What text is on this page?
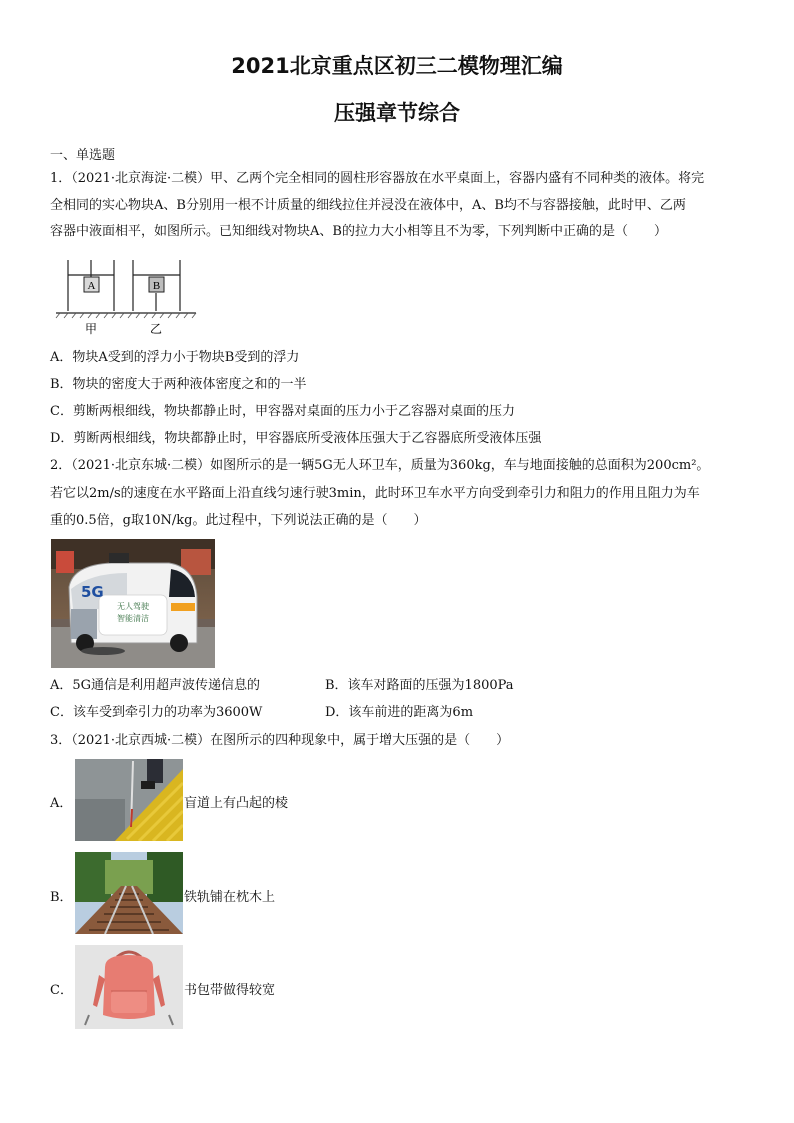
2021北京重点区初三二模物理汇编
压强章节综合
一、单选题
1．（2021·北京海淀·二模）甲、乙两个完全相同的圆柱形容器放在水平桌面上，容器内盛有不同种类的液体。将完
全相同的实心物块A、B分别用一根不计质量的细线拉住并浸没在液体中，A、B均不与容器接触，此时甲、乙两
容器中液面相平，如图所示。已知细线对物块A、B的拉力大小相等且不为零，下列判断中正确的是（　　）
A	B
甲	乙
A．物块A受到的浮力小于物块B受到的浮力
B．物块的密度大于两种液体密度之和的一半
C．剪断两根细线，物块都静止时，甲容器对桌面的压力小于乙容器对桌面的压力
D．剪断两根细线，物块都静止时，甲容器底所受液体压强大于乙容器底所受液体压强
2．（2021·北京东城·二模）如图所示的是一辆5G无人环卫车，质量为360kg，车与地面接触的总面积为200cm²。
若它以2m/s的速度在水平路面上沿直线匀速行驶3min，此时环卫车水平方向受到牵引力和阻力的作用且阻力为车
重的0.5倍，g取10N/kg。此过程中，下列说法正确的是（　　）
5G
无人驾驶
智能清洁
A．5G通信是利用超声波传递信息的	B．该车对路面的压强为1800Pa
C．该车受到牵引力的功率为3600W	D．该车前进的距离为6m
3．（2021·北京西城·二模）在图所示的四种现象中，属于增大压强的是（　　）
A．	盲道上有凸起的棱
B．	铁轨铺在枕木上
C．	书包带做得较宽
